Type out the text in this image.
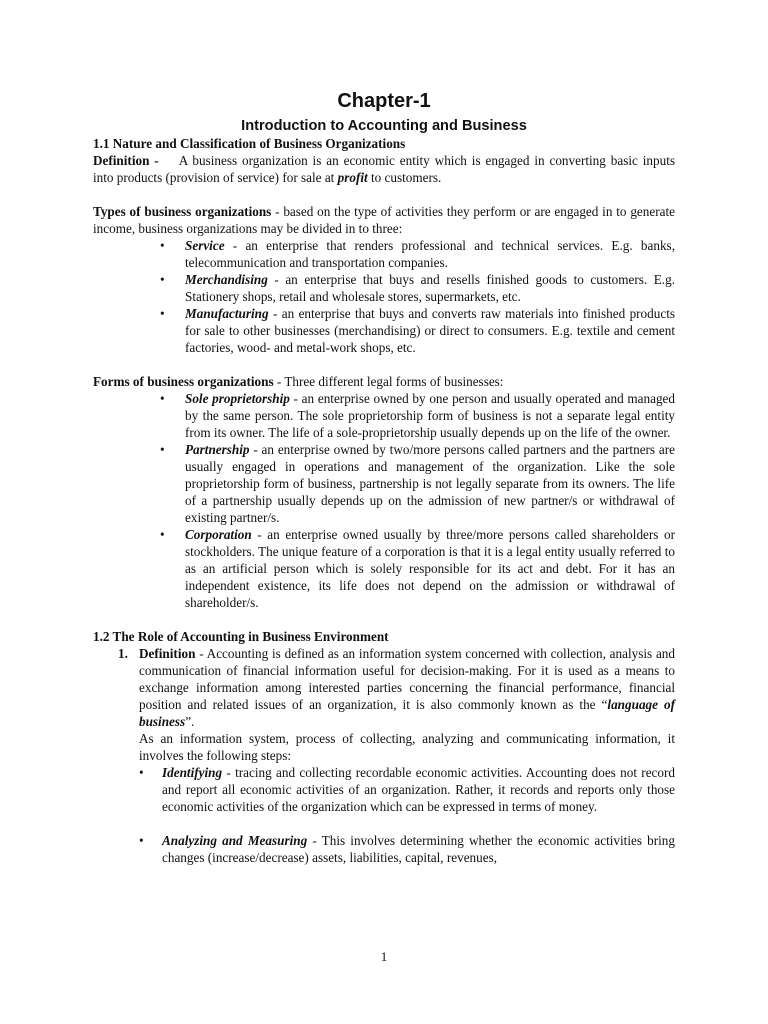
Chapter-1
Introduction to Accounting and Business
1.1 Nature and Classification of Business Organizations

Definition - A business organization is an economic entity which is engaged in converting basic inputs into products (provision of service) for sale at profit to customers.

Types of business organizations - based on the type of activities they perform or are engaged in to generate income, business organizations may be divided in to three:

• Service - an enterprise that renders professional and technical services. E.g. banks, telecommunication and transportation companies.
• Merchandising - an enterprise that buys and resells finished goods to customers. E.g. Stationery shops, retail and wholesale stores, supermarkets, etc.
• Manufacturing - an enterprise that buys and converts raw materials into finished products for sale to other businesses (merchandising) or direct to consumers. E.g. textile and cement factories, wood- and metal-work shops, etc.

Forms of business organizations - Three different legal forms of businesses:

• Sole proprietorship - an enterprise owned by one person and usually operated and managed by the same person. The sole proprietorship form of business is not a separate legal entity from its owner. The life of a sole-proprietorship usually depends up on the life of the owner.
• Partnership - an enterprise owned by two/more persons called partners and the partners are usually engaged in operations and management of the organization. Like the sole proprietorship form of business, partnership is not legally separate from its owners. The life of a partnership usually depends up on the admission of new partner/s or withdrawal of existing partner/s.
• Corporation - an enterprise owned usually by three/more persons called shareholders or stockholders. The unique feature of a corporation is that it is a legal entity usually referred to as an artificial person which is solely responsible for its act and debt. For it has an independent existence, its life does not depend on the admission or withdrawal of shareholder/s.
1.2 The Role of Accounting in Business Environment
1. Definition - Accounting is defined as an information system concerned with collection, analysis and communication of financial information useful for decision-making. For it is used as a means to exchange information among interested parties concerning the financial performance, financial position and related issues of an organization, it is also commonly known as the “language of business”.

As an information system, process of collecting, analyzing and communicating information, it involves the following steps:

• Identifying - tracing and collecting recordable economic activities. Accounting does not record and report all economic activities of an organization. Rather, it records and reports only those economic activities of the organization which can be expressed in terms of money.
• Analyzing and Measuring - This involves determining whether the economic activities bring changes (increase/decrease) assets, liabilities, capital, revenues,
1
